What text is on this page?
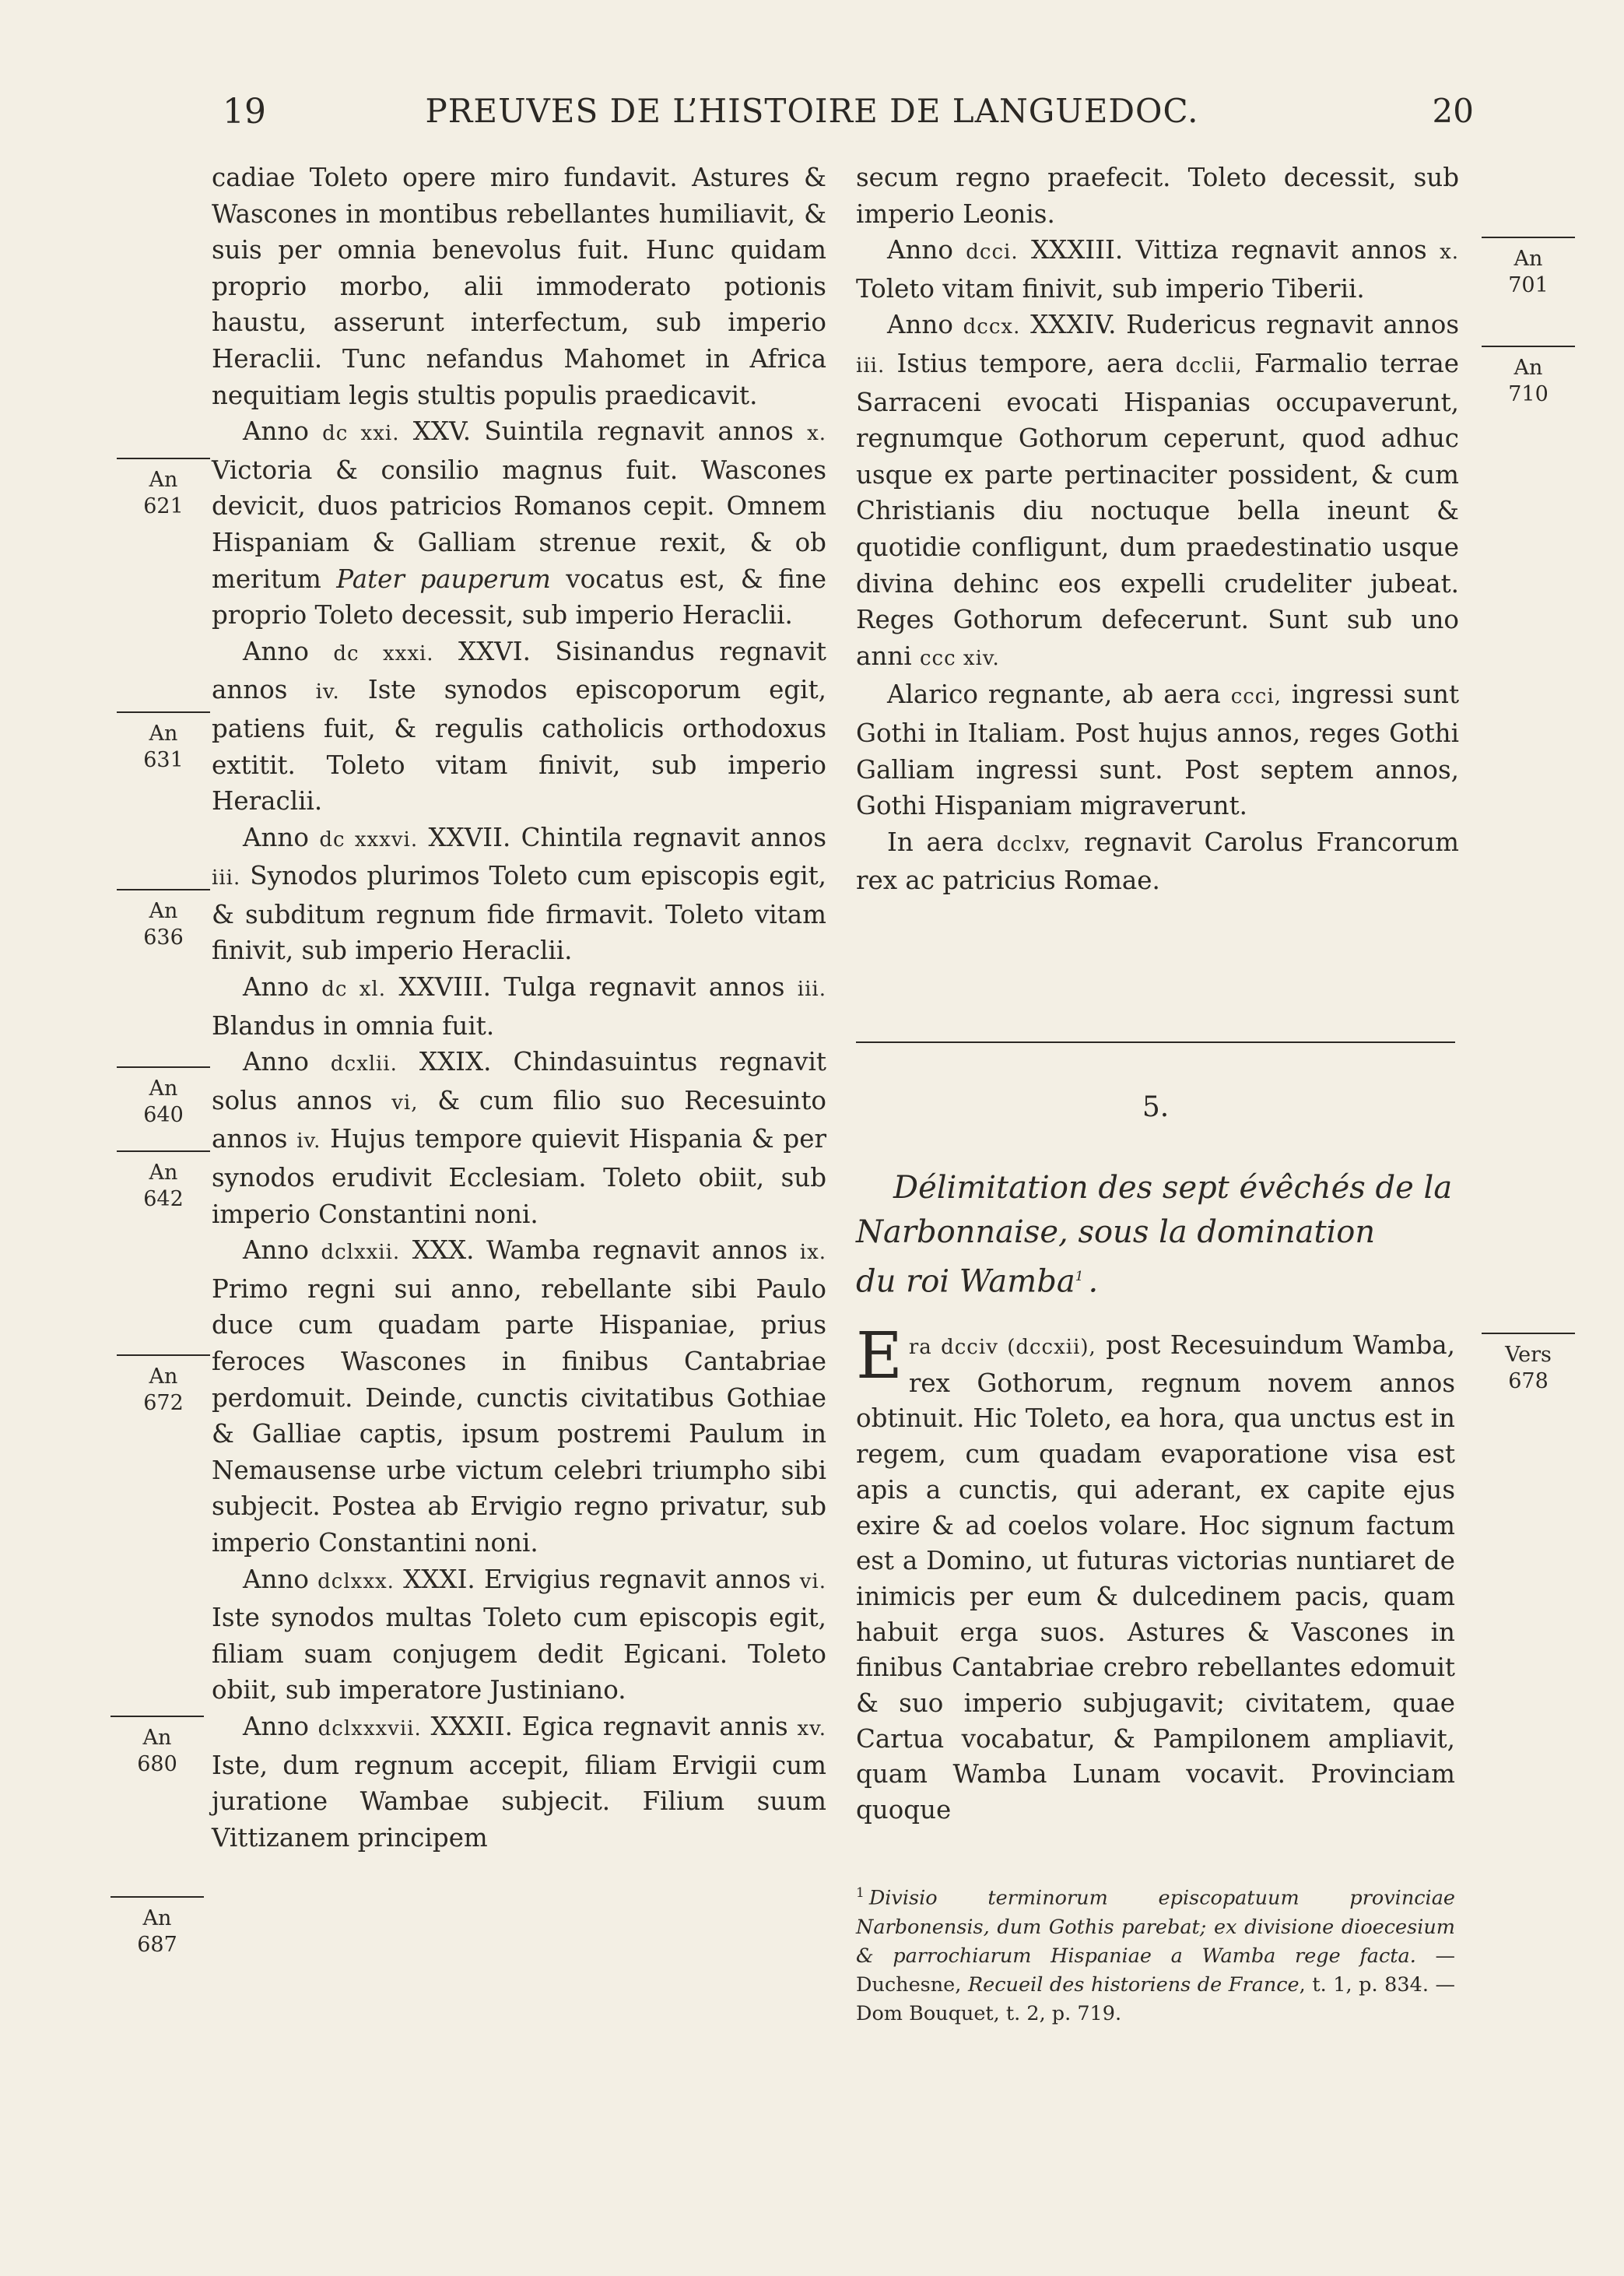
19	PREUVES DE L’HISTOIRE DE LANGUEDOC.	20

cadiae Toleto opere miro fundavit. Astures & Wascones in montibus rebellantes humiliavit, & suis per omnia benevolus fuit. Hunc quidam proprio morbo, alii immoderato potionis haustu, asserunt interfectum, sub imperio Heraclii. Tunc nefandus Mahomet in Africa nequitiam legis stultis populis praedicavit.

Anno dc xxi. XXV. Suintila regnavit annos x. Victoria & consilio magnus fuit. Wascones devicit, duos patricios Romanos cepit. Omnem Hispaniam & Galliam strenue rexit, & ob meritum Pater pauperum vocatus est, & fine proprio Toleto decessit, sub imperio Heraclii.

Anno dc xxxi. XXVI. Sisinandus regnavit annos iv. Iste synodos episcoporum egit, patiens fuit, & regulis catholicis orthodoxus extitit. Toleto vitam finivit, sub imperio Heraclii.

Anno dc xxxvi. XXVII. Chintila regnavit annos iii. Synodos plurimos Toleto cum episcopis egit, & subditum regnum fide firmavit. Toleto vitam finivit, sub imperio Heraclii.

Anno dc xl. XXVIII. Tulga regnavit annos iii. Blandus in omnia fuit.

Anno dcxlii. XXIX. Chindasuintus regnavit solus annos vi, & cum filio suo Recesuinto annos iv. Hujus tempore quievit Hispania & per synodos erudivit Ecclesiam. Toleto obiit, sub imperio Constantini noni.

Anno dclxxii. XXX. Wamba regnavit annos ix. Primo regni sui anno, rebellante sibi Paulo duce cum quadam parte Hispaniae, prius feroces Wascones in finibus Cantabriae perdomuit. Deinde, cunctis civitatibus Gothiae & Galliae captis, ipsum postremi Paulum in Nemausense urbe victum celebri triumpho sibi subjecit. Postea ab Ervigio regno privatur, sub imperio Constantini noni.

Anno dclxxx. XXXI. Ervigius regnavit annos vi. Iste synodos multas Toleto cum episcopis egit, filiam suam conjugem dedit Egicani. Toleto obiit, sub imperatore Justiniano.

Anno dclxxxvii. XXXII. Egica regnavit annis xv. Iste, dum regnum accepit, filiam Ervigii cum juratione Wambae subjecit. Filium suum Vittizanem principem

secum regno praefecit. Toleto decessit, sub imperio Leonis.

Anno dcci. XXXIII. Vittiza regnavit annos x. Toleto vitam finivit, sub imperio Tiberii.

Anno dccx. XXXIV. Rudericus regnavit annos iii. Istius tempore, aera dcclii, Farmalio terrae Sarraceni evocati Hispanias occupaverunt, regnumque Gothorum ceperunt, quod adhuc usque ex parte pertinaciter possident, & cum Christianis diu noctuque bella ineunt & quotidie confligunt, dum praedestinatio usque divina dehinc eos expelli crudeliter jubeat. Reges Gothorum defecerunt. Sunt sub uno anni ccc xiv.

Alarico regnante, ab aera ccci, ingressi sunt Gothi in Italiam. Post hujus annos, reges Gothi Galliam ingressi sunt. Post septem annos, Gothi Hispaniam migraverunt.

In aera dcclxv, regnavit Carolus Francorum rex ac patricius Romae.

5.
Délimitation des sept évêchés de la
Narbonnaise, sous la domination
du roi Wamba$^1$ .

Era dcciv (dccxii), post Recesuindum Wamba, rex Gothorum, regnum novem annos obtinuit. Hic Toleto, ea hora, qua unctus est in regem, cum quadam evaporatione visa est apis a cunctis, qui aderant, ex capite ejus exire & ad coelos volare. Hoc signum factum est a Domino, ut futuras victorias nuntiaret de inimicis per eum & dulcedinem pacis, quam habuit erga suos. Astures & Vascones in finibus Cantabriae crebro rebellantes edomuit & suo imperio subjugavit; civitatem, quae Cartua vocabatur, & Pampilonem ampliavit, quam Wamba Lunam vocavit. Provinciam quoque

$^1$ Divisio terminorum episcopatuum provinciae Narbonensis, dum Gothis parebat; ex divisione dioecesium & parrochiarum Hispaniae a Wamba rege facta. — Duchesne, Recueil des historiens de France, t. 1, p. 834. — Dom Bouquet, t. 2, p. 719.

An
621
An
631
An
636
An
640
An
642
An
672
An
680
An
687
An
701
An
710
Vers
678
